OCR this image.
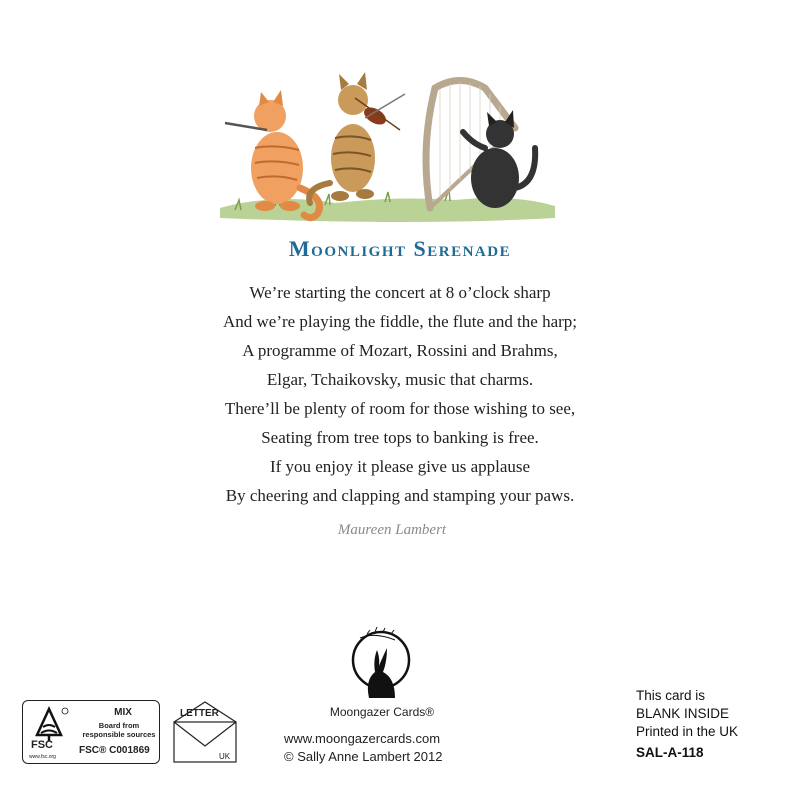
Moonlight Serenade
We’re starting the concert at 8 o’clock sharp
And we’re playing the fiddle, the flute and the harp;
A programme of Mozart, Rossini and Brahms,
Elgar, Tchaikovsky, music that charms.
There’ll be plenty of room for those wishing to see,
Seating from tree tops to banking is free.
If you enjoy it please give us applause
By cheering and clapping and stamping your paws.
Maureen Lambert
Moongazer Cards®
www.moongazercards.com
© Sally Anne Lambert 2012
FSC
www.fsc.org
MIX
Board from
responsible sources
FSC® C001869
LETTER
UK
This card is
BLANK INSIDE
Printed in the UK
SAL-A-118
